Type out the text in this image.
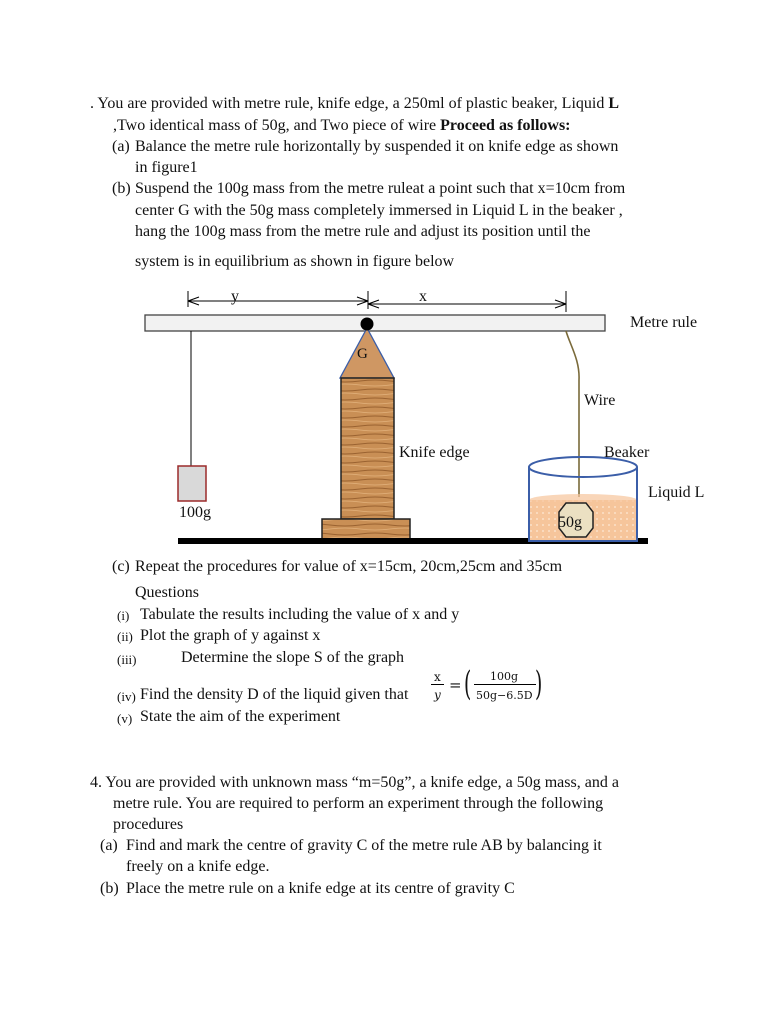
. You are provided with metre rule, knife edge, a 250ml of plastic beaker, Liquid L
,Two identical mass of 50g, and Two piece of wire Proceed as follows:
(a) Balance the metre rule horizontally by suspended it on knife edge as shown
in figure1
(b) Suspend the 100g mass from the metre ruleat a point such that x=10cm from
center G with the 50g mass completely immersed in Liquid L in the beaker ,
hang the 100g mass from the metre rule and adjust its position until the
system is in equilibrium as shown in figure below
y	x
G
Metre rule
Wire
Knife edge	Beaker
Liquid L
100g
50g
(c) Repeat the procedures for value of x=15cm, 20cm,25cm and 35cm
Questions
(i) Tabulate the results including the value of x and y
(ii) Plot the graph of y against x
(iii)	Determine the slope S of the graph
(iv) Find the density D of the liquid given that
x
y
= ( 100g
50g−6.5D )
(v) State the aim of the experiment
4. You are provided with unknown mass “m=50g”, a knife edge, a 50g mass, and a
metre rule. You are required to perform an experiment through the following
procedures
(a) Find and mark the centre of gravity C of the metre rule AB by balancing it
freely on a knife edge.
(b) Place the metre rule on a knife edge at its centre of gravity C
